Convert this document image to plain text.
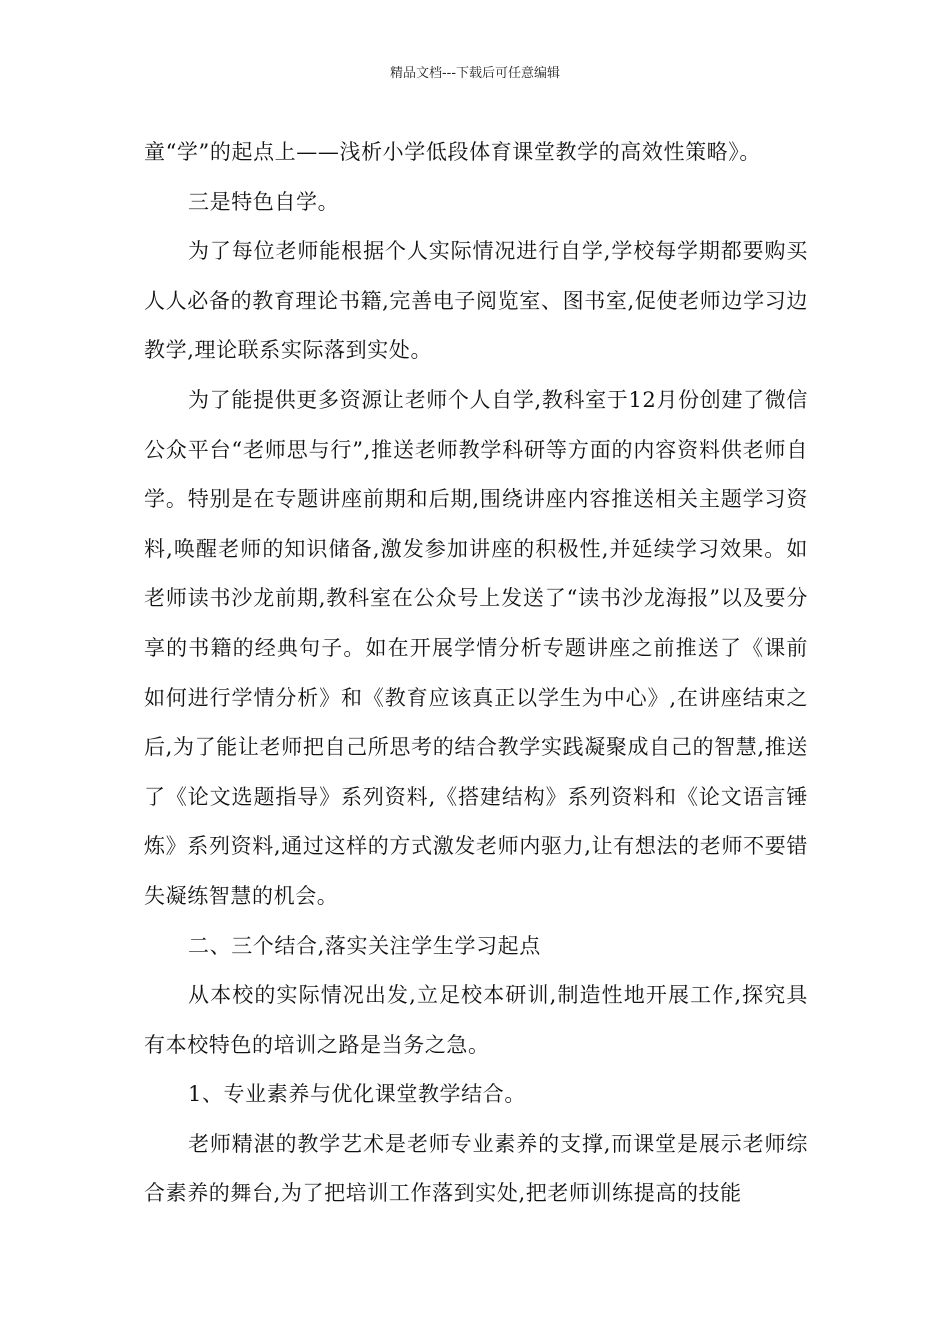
精品文档---下载后可任意编辑

童“学”的起点上——浅析小学低段体育课堂教学的高效性策略》。

三是特色自学。

为了每位老师能根据个人实际情况进行自学,学校每学期都要购买人人必备的教育理论书籍,完善电子阅览室、图书室,促使老师边学习边教学,理论联系实际落到实处。

为了能提供更多资源让老师个人自学,教科室于12月份创建了微信公众平台“老师思与行”,推送老师教学科研等方面的内容资料供老师自学。特别是在专题讲座前期和后期,围绕讲座内容推送相关主题学习资料,唤醒老师的知识储备,激发参加讲座的积极性,并延续学习效果。如老师读书沙龙前期,教科室在公众号上发送了“读书沙龙海报”以及要分享的书籍的经典句子。如在开展学情分析专题讲座之前推送了《课前如何进行学情分析》和《教育应该真正以学生为中心》,在讲座结束之后,为了能让老师把自己所思考的结合教学实践凝聚成自己的智慧,推送了《论文选题指导》系列资料,《搭建结构》系列资料和《论文语言锤炼》系列资料,通过这样的方式激发老师内驱力,让有想法的老师不要错失凝练智慧的机会。

二、三个结合,落实关注学生学习起点

从本校的实际情况出发,立足校本研训,制造性地开展工作,探究具有本校特色的培训之路是当务之急。

1、专业素养与优化课堂教学结合。

老师精湛的教学艺术是老师专业素养的支撑,而课堂是展示老师综合素养的舞台,为了把培训工作落到实处,把老师训练提高的技能
